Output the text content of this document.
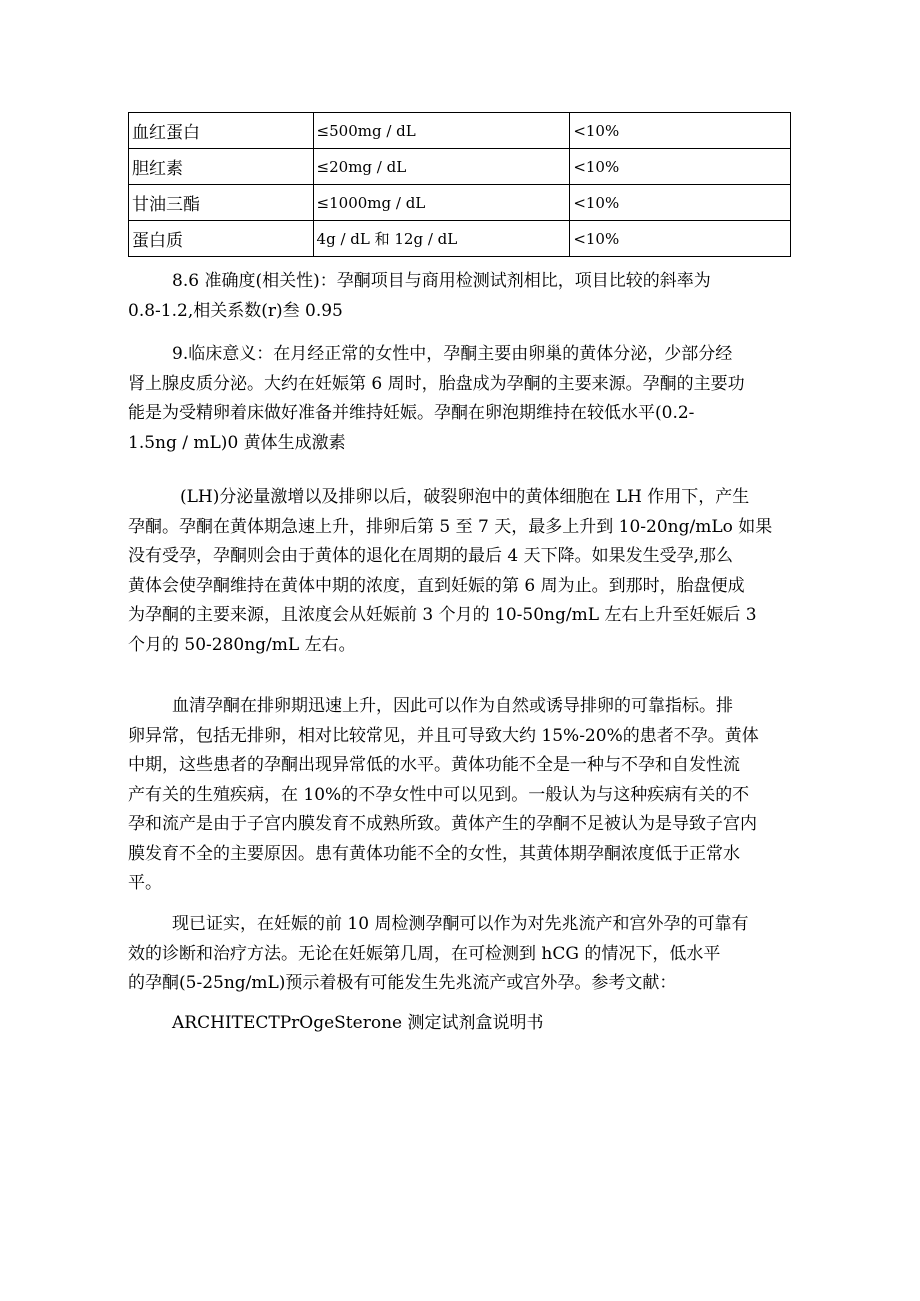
血红蛋白	≤500mg / dL	<10%
胆红素	≤20mg / dL	<10%
甘油三酯	≤1000mg / dL	<10%
蛋白质	4g / dL 和 12g / dL	<10%
8.6 准确度(相关性)：孕酮项目与商用检测试剂相比，项目比较的斜率为
0.8-1.2,相关系数(r)叁 0.95
9.临床意义：在月经正常的女性中，孕酮主要由卵巢的黄体分泌，少部分经
肾上腺皮质分泌。大约在妊娠第 6 周时，胎盘成为孕酮的主要来源。孕酮的主要功
能是为受精卵着床做好准备并维持妊娠。孕酮在卵泡期维持在较低水平(0.2-
1.5ng / mL)0 黄体生成激素
(LH)分泌量激增以及排卵以后，破裂卵泡中的黄体细胞在 LH 作用下，产生
孕酮。孕酮在黄体期急速上升，排卵后第 5 至 7 天，最多上升到 10-20ng/mLo 如果
没有受孕，孕酮则会由于黄体的退化在周期的最后 4 天下降。如果发生受孕,那么
黄体会使孕酮维持在黄体中期的浓度，直到妊娠的第 6 周为止。到那时，胎盘便成
为孕酮的主要来源，且浓度会从妊娠前 3 个月的 10-50ng/mL 左右上升至妊娠后 3
个月的 50-280ng/mL 左右。
血清孕酮在排卵期迅速上升，因此可以作为自然或诱导排卵的可靠指标。排
卵异常，包括无排卵，相对比较常见，并且可导致大约 15%-20%的患者不孕。黄体
中期，这些患者的孕酮出现异常低的水平。黄体功能不全是一种与不孕和自发性流
产有关的生殖疾病，在 10%的不孕女性中可以见到。一般认为与这种疾病有关的不
孕和流产是由于子宫内膜发育不成熟所致。黄体产生的孕酮不足被认为是导致子宫内
膜发育不全的主要原因。患有黄体功能不全的女性，其黄体期孕酮浓度低于正常水
平。
现已证实，在妊娠的前 10 周检测孕酮可以作为对先兆流产和宫外孕的可靠有
效的诊断和治疗方法。无论在妊娠第几周，在可检测到 hCG 的情况下，低水平
的孕酮(5-25ng/mL)预示着极有可能发生先兆流产或宫外孕。参考文献：
ARCHITECTPrOgeSterone 测定试剂盒说明书
